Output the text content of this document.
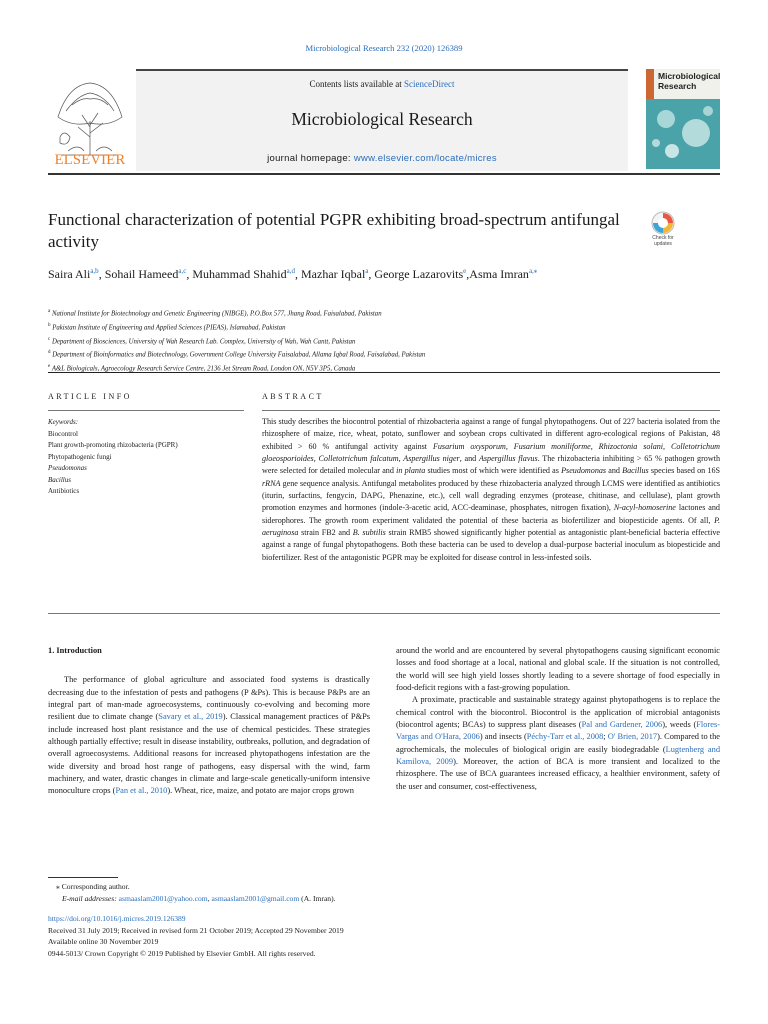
Microbiological Research 232 (2020) 126389
ELSEVIER
Contents lists available at ScienceDirect
Microbiological Research
journal homepage: www.elsevier.com/locate/micres
Microbiological
Research
Functional characterization of potential PGPR exhibiting broad-spectrum antifungal activity	Check for
updates
Saira Ali$^{a,b}$, Sohail Hameed$^{a,c}$, Muhammad Shahid$^{a,d}$, Mazhar Iqbal$^a$, George Lazarovits$^e$,Asma Imran$^{a,⁎}$
$^a$ National Institute for Biotechnology and Genetic Engineering (NIBGE), P.O.Box 577, Jhang Road, Faisalabad, Pakistan
$^b$ Pakistan Institute of Engineering and Applied Sciences (PIEAS), Islamabad, Pakistan
$^c$ Department of Biosciences, University of Wah Research Lab. Complex, University of Wah, Wah Cantt, Pakistan
$^d$ Department of Bioinformatics and Biotechnology, Government College University Faisalabad, Allama Iqbal Road, Faisalabad, Pakistan
$^e$ A&L Biologicals, Agroecology Research Service Centre, 2136 Jet Stream Road, London ON, N5V 3P5, Canada
ARTICLE INFO	ABSTRACT
Keywords:
Biocontrol
Plant growth-promoting rhizobacteria (PGPR)
Phytopathogenic fungi
Pseudomonas
Bacillus
Antibiotics
This study describes the biocontrol potential of rhizobacteria against a range of fungal phytopathogens. Out of 227 bacteria isolated from the rhizosphere of maize, rice, wheat, potato, sunflower and soybean crops cultivated in different agro-ecological regions of Pakistan, 48 exhibited > 60 % antifungal activity against Fusarium oxysporum, Fusarium moniliforme, Rhizoctonia solani, Colletotrichum gloeosporioides, Colletotrichum falcatum, Aspergillus niger, and Aspergillus flavus. The rhizobacteria inhibiting > 65 % pathogen growth were selected for detailed molecular and in planta studies most of which were identified as Pseudomonas and Bacillus species based on 16S rRNA gene sequence analysis. Antifungal metabolites produced by these rhizobacteria analyzed through LCMS were identified as antibiotics (iturin, surfactins, fengycin, DAPG, Phenazine, etc.), cell wall degrading enzymes (protease, chitinase, and cellulase), plant growth promotion enzymes and hormones (indole-3-acetic acid, ACC-deaminase, phosphates, nitrogen fixation), N-acyl-homoserine lactones and siderophores. The growth room experiment validated the potential of these bacteria as biofertilizer and biopesticide agents. Of all, P. aeruginosa strain FB2 and B. subtilis strain RMB5 showed significantly higher potential as antagonistic plant-beneficial bacteria effective against a range of fungal phytopathogens. Both these bacteria can be used to develop a dual-purpose bacterial inoculum as biopesticide and biofertilizer. Rest of the antagonistic PGPR may be exploited for disease control in less-infested soils.
1. Introduction

The performance of global agriculture and associated food systems is drastically decreasing due to the infestation of pests and pathogens (P &Ps). This is because P&Ps are an integral part of man-made agroecosystems, continuously co-evolving and becoming more resilient due to climate change (Savary et al., 2019). Classical management practices of P&Ps include increased host plant resistance and the use of chemical pesticides. These strategies although partially effective; result in disease instability, outbreaks, pollution, and degradation of overall agroecosystems. Additional reasons for increased phytopathogens infestation are the wide diversity and broad host range of pathogens, easy dispersal with the wind, farm machinery, and water, drastic changes in climate and large-scale genetically-uniform intensive monoculture crops (Pan et al., 2010). Wheat, rice, maize, and potato are major crops grown

around the world and are encountered by several phytopathogens causing significant economic losses and food shortage at a local, national and global scale. If the situation is not controlled, the world will see high yield losses shortly leading to a severe shortage of food especially in food-deficit regions with a fast-growing population.

A proximate, practicable and sustainable strategy against phytopathogens is to replace the chemical control with the biocontrol. Biocontrol is the application of microbial antagonists (biocontrol agents; BCAs) to suppress plant diseases (Pal and Gardener, 2006), weeds (Flores-Vargas and O'Hara, 2006) and insects (Péchy-Tarr et al., 2008; O' Brien, 2017). Compared to the agrochemicals, the molecules of biological origin are easily biodegradable (Lugtenberg and Kamilova, 2009). Moreover, the action of BCA is more transient and localized to the rhizosphere. The use of BCA guarantees increased efficacy, a healthier environment, safety of the user and consumer, cost-effectiveness,

⁎ Corresponding author.
E-mail addresses: asmaaslam2001@yahoo.com, asmaaslam2001@gmail.com (A. Imran).
https://doi.org/10.1016/j.micres.2019.126389
Received 31 July 2019; Received in revised form 21 October 2019; Accepted 29 November 2019
Available online 30 November 2019
0944-5013/ Crown Copyright © 2019 Published by Elsevier GmbH. All rights reserved.
